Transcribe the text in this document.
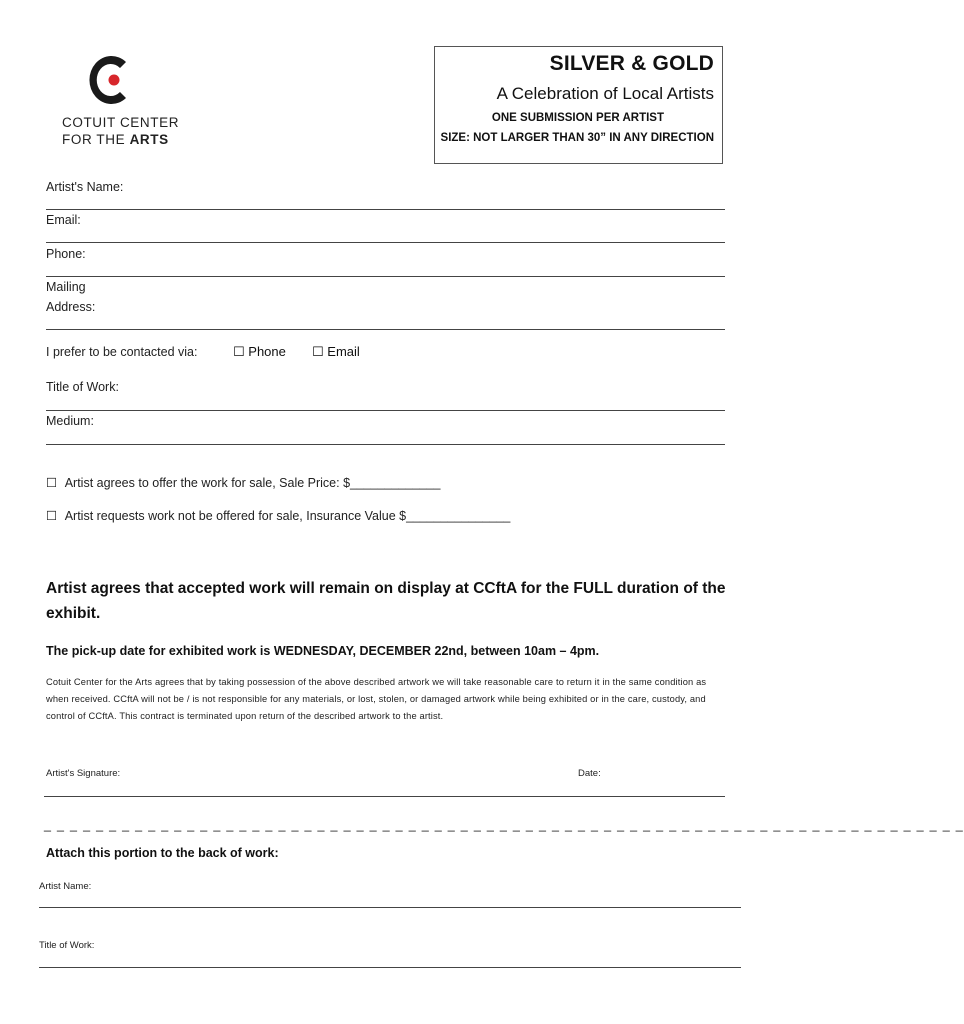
COTUIT CENTER
FOR THE ARTS
SILVER & GOLD
A Celebration of Local Artists
ONE SUBMISSION PER ARTIST
SIZE: NOT LARGER THAN 30” IN ANY DIRECTION
Artist's Name:
Email:
Phone:
Mailing
Address:
I prefer to be contacted via:	☐ Phone ☐ Email
Title of Work:
Medium:
☐ Artist agrees to offer the work for sale, Sale Price: $_____________
☐ Artist requests work not be offered for sale, Insurance Value $_______________
Artist agrees that accepted work will remain on display at CCftA for the FULL duration of the exhibit.
The pick-up date for exhibited work is WEDNESDAY, DECEMBER 22nd, between 10am – 4pm.
Cotuit Center for the Arts agrees that by taking possession of the above described artwork we will take reasonable care to return it in the same condition as when received. CCftA will not be / is not responsible for any materials, or lost, stolen, or damaged artwork while being exhibited or in the care, custody, and control of CCftA. This contract is terminated upon return of the described artwork to the artist.
Artist's Signature:	Date:
_ _ _ _ _ _ _ _ _ _ _ _ _ _ _ _ _ _ _ _ _ _ _ _ _ _ _ _ _ _ _ _ _ _ _ _ _ _ _ _ _ _ _ _ _ _ _ _ _ _ _ _ _ _ _ _ _ _ _ _ _ _ _ _ _ _ _ _ _ _ _
Attach this portion to the back of work:
Artist Name:
Title of Work:
